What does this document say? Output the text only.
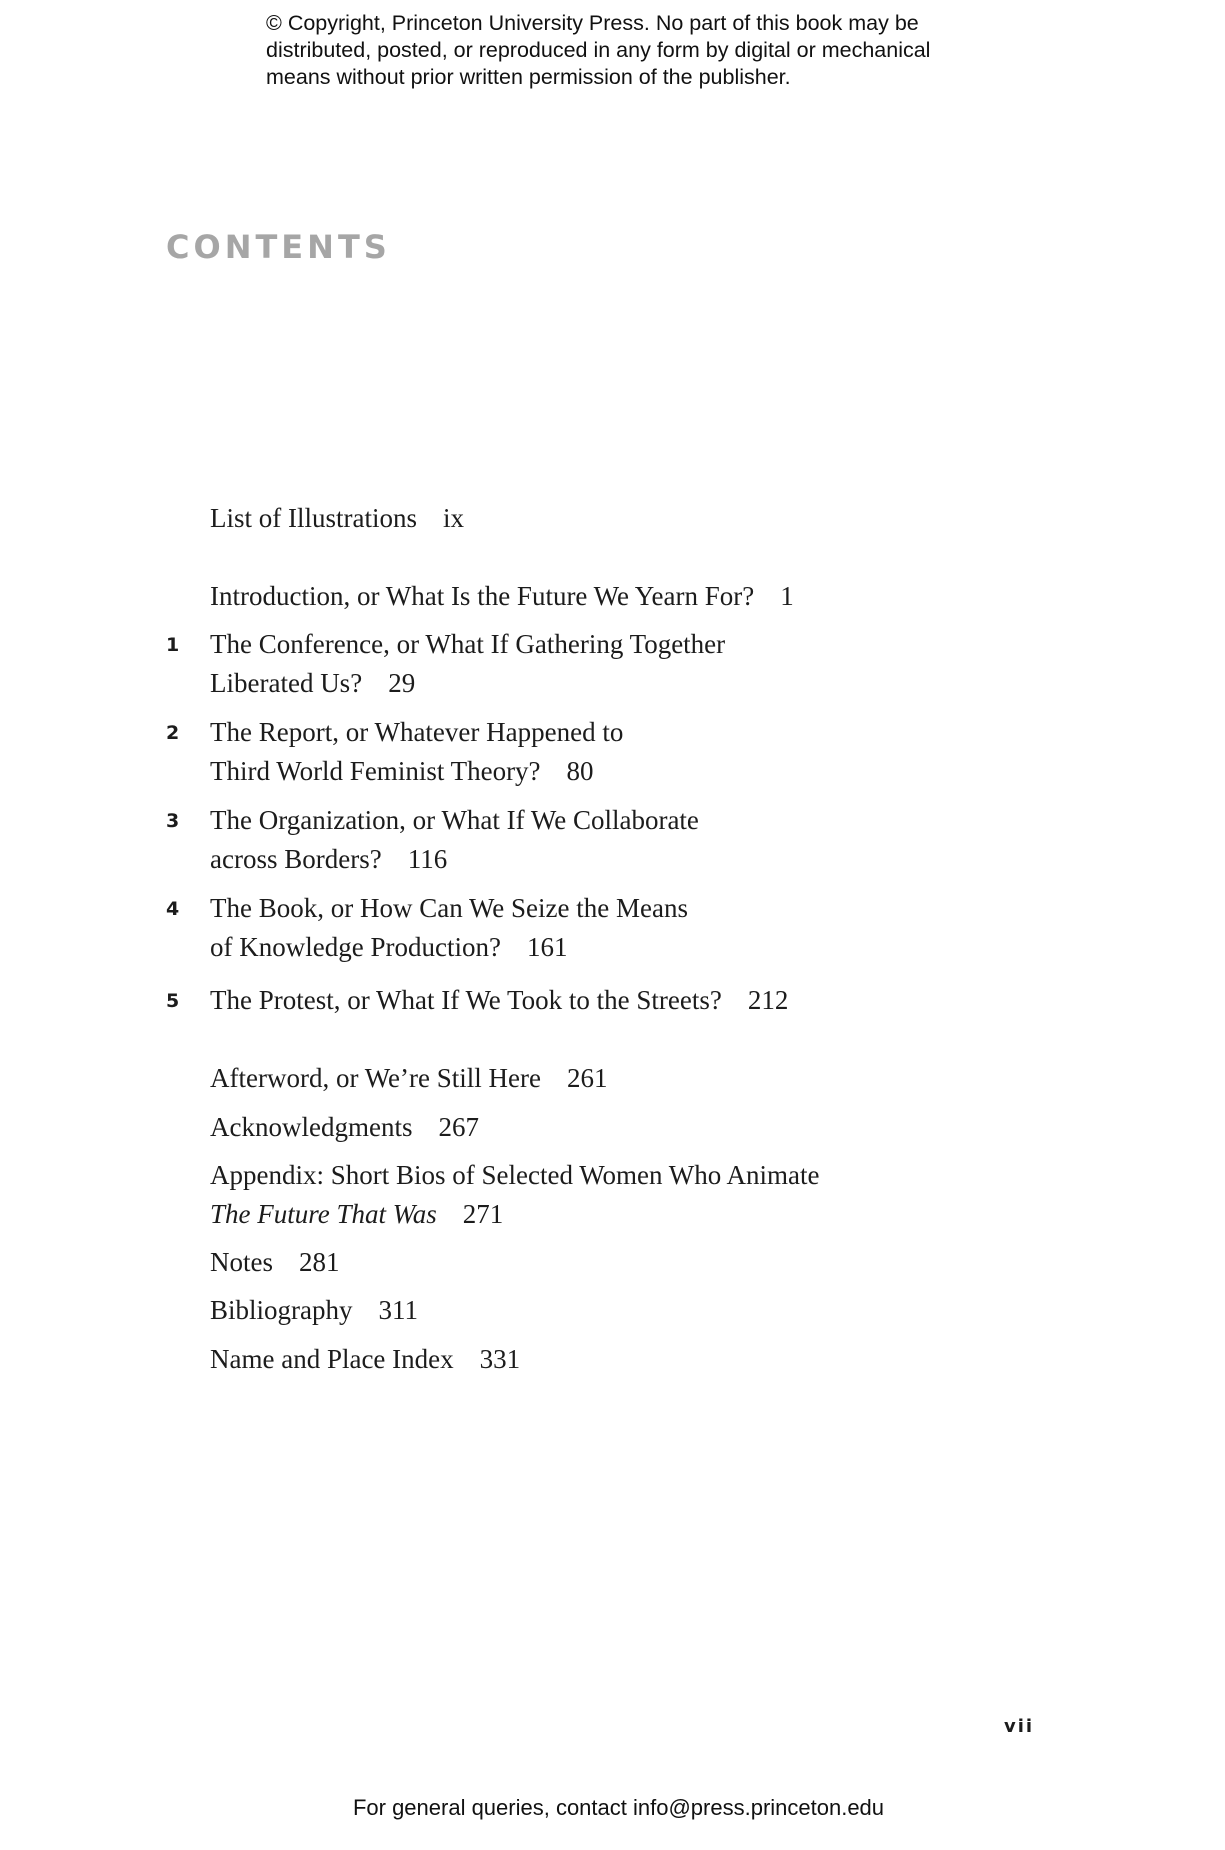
© Copyright, Princeton University Press. No part of this book may be
distributed, posted, or reproduced in any form by digital or mechanical
means without prior written permission of the publisher.
CONTENTS
List of Illustrations ix
Introduction, or What Is the Future We Yearn For? 1
1 The Conference, or What If Gathering Together
Liberated Us? 29
2 The Report, or Whatever Happened to
Third World Feminist Theory? 80
3 The Organization, or What If We Collaborate
across Borders? 116
4 The Book, or How Can We Seize the Means
of Knowledge Production? 161
5 The Protest, or What If We Took to the Streets? 212
Afterword, or We’re Still Here 261
Acknowledgments 267
Appendix: Short Bios of Selected Women Who Animate
The Future That Was 271
Notes 281
Bibliography 311
Name and Place Index 331
vii
For general queries, contact info@press.princeton.edu
